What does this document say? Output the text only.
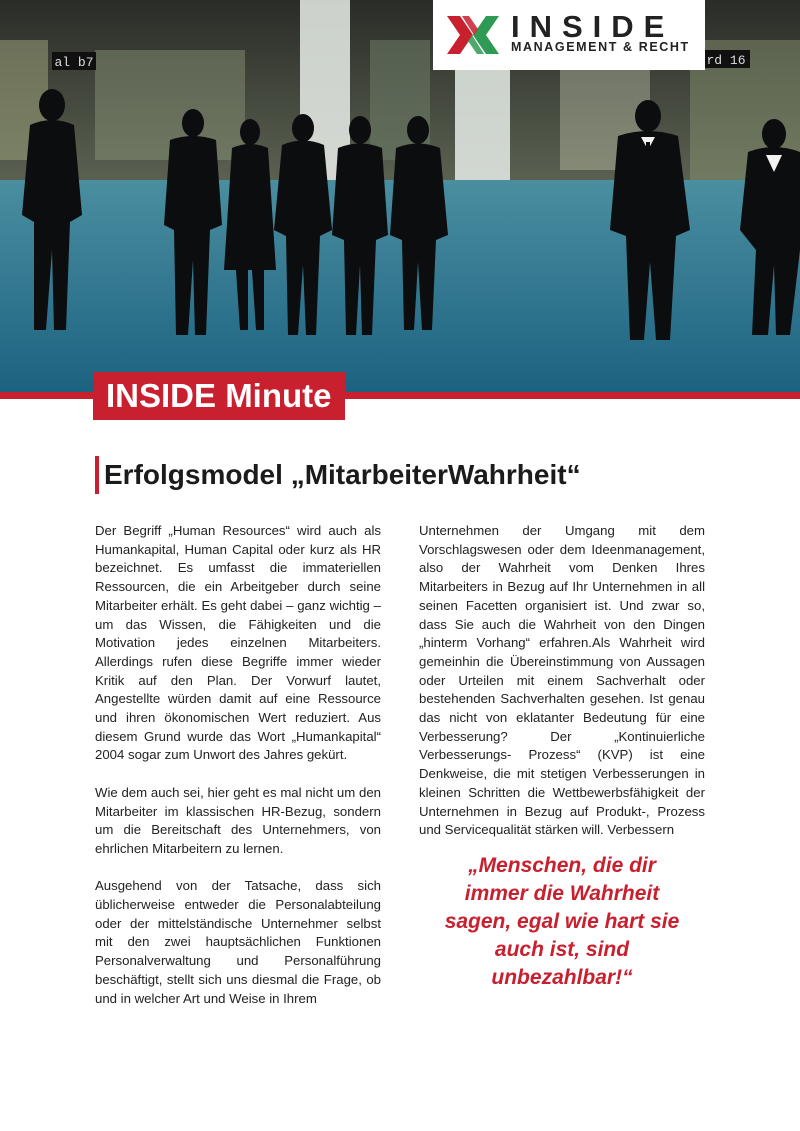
al b7	rd 16
INSIDE
MANAGEMENT & RECHT
INSIDE Minute
Erfolgsmodel „MitarbeiterWahrheit“

Der Begriff „Human Resources“ wird auch als Humankapital, Human Capital oder kurz als HR bezeichnet. Es umfasst die immateriellen Ressourcen, die ein Arbeitgeber durch seine Mitarbeiter erhält. Es geht dabei – ganz wichtig – um das Wissen, die Fähigkeiten und die Motivation jedes einzelnen Mitarbeiters. Allerdings rufen diese Begriffe immer wieder Kritik auf den Plan. Der Vorwurf lautet, Angestellte würden damit auf eine Ressource und ihren ökonomischen Wert reduziert. Aus diesem Grund wurde das Wort „Humankapital“ 2004 sogar zum Unwort des Jahres gekürt.

Wie dem auch sei, hier geht es mal nicht um den Mitarbeiter im klassischen HR-Bezug, sondern um die Bereitschaft des Unternehmers, von ehrlichen Mitarbeitern zu lernen.

Ausgehend von der Tatsache, dass sich üblicherweise entweder die Personalabteilung oder der mittelständische Unternehmer selbst mit den zwei hauptsächlichen Funktionen Personalverwaltung und Personalführung beschäftigt, stellt sich uns diesmal die Frage, ob und in welcher Art und Weise in Ihrem

Unternehmen der Umgang mit dem Vorschlagswesen oder dem Ideenmanagement, also der Wahrheit vom Denken Ihres Mitarbeiters in Bezug auf Ihr Unternehmen in all seinen Facetten organisiert ist. Und zwar so, dass Sie auch die Wahrheit von den Dingen „hinterm Vorhang“ erfahren.Als Wahrheit wird gemeinhin die Übereinstimmung von Aussagen oder Urteilen mit einem Sachverhalt oder bestehenden Sachverhalten gesehen. Ist genau das nicht von eklatanter Bedeutung für eine Verbesserung? Der „Kontinuierliche Verbesserungs- Prozess“ (KVP) ist eine Denkweise, die mit stetigen Verbesserungen in kleinen Schritten die Wettbewerbsfähigkeit der Unternehmen in Bezug auf Produkt-, Prozess und Servicequalität stärken will. Verbessern

„Menschen, die dir immer die Wahrheit sagen, egal wie hart sie auch ist, sind unbezahlbar!“
